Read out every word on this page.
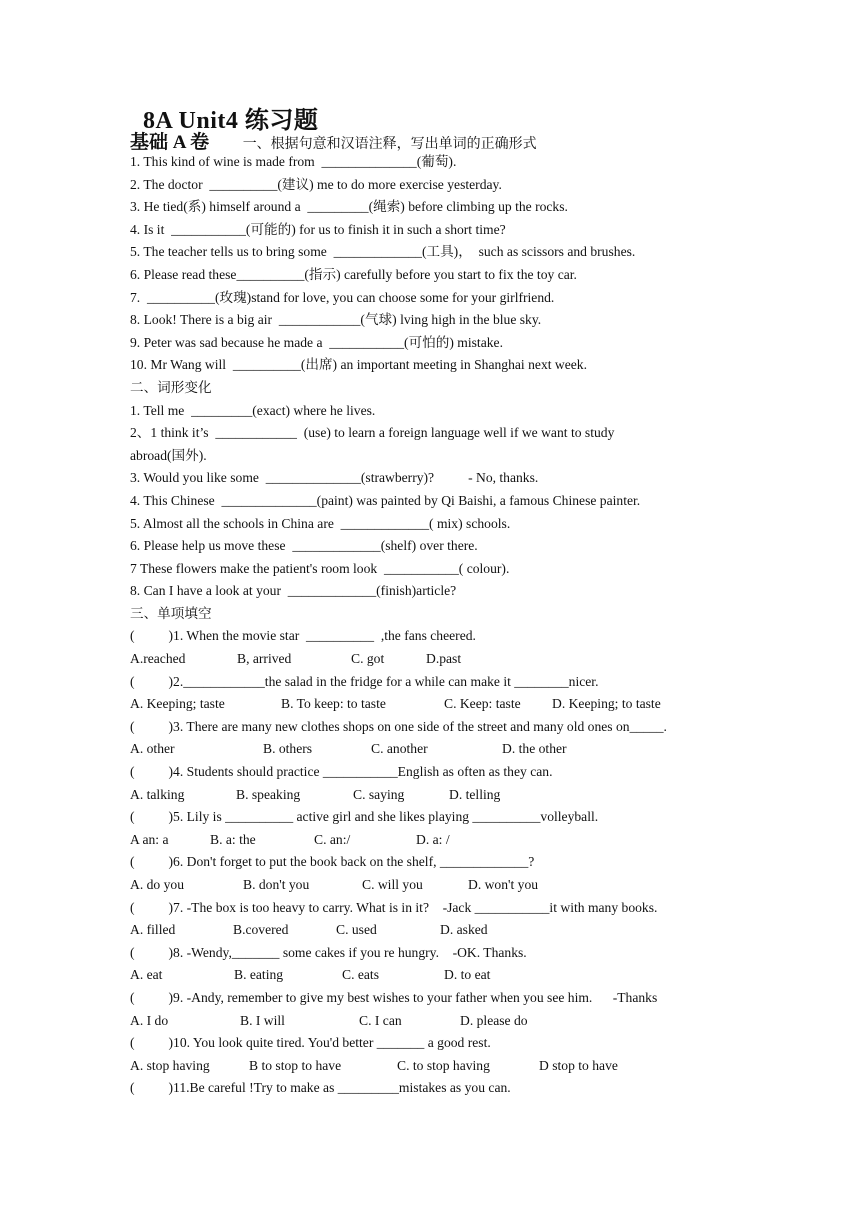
8A Unit4 练习题
基础 A 卷 一、根据句意和汉语注释，写出单词的正确形式
1. This kind of wine is made from  ______________(葡萄).
2. The doctor  __________(建议) me to do more exercise yesterday.
3. He tied(系) himself around a  _________(绳索) before climbing up the rocks.
4. Is it  ___________(可能的) for us to finish it in such a short time?
5. The teacher tells us to bring some  _____________(工具)，  such as scissors and brushes.
6. Please read these__________(指示) carefully before you start to fix the toy car.
7.  __________(玫瑰)stand for love, you can choose some for your girlfriend.
8. Look! There is a big air  ____________(气球) lving high in the blue sky.
9. Peter was sad because he made a  ___________(可怕的) mistake.
10. Mr Wang will  __________(出席) an important meeting in Shanghai next week.
二、词形变化
1. Tell me  _________(exact) where he lives.
2、1 think it’s  ____________  (use) to learn a foreign language well if we want to study
abroad(国外).
3. Would you like some  ______________(strawberry)?          - No, thanks.
4. This Chinese  ______________(paint) was painted by Qi Baishi, a famous Chinese painter.
5. Almost all the schools in China are  _____________( mix) schools.
6. Please help us move these  _____________(shelf) over there.
7 These flowers make the patient's room look  ___________( colour).
8. Can I have a look at your  _____________(finish)article?
三、单项填空
(          )1. When the movie star  __________  ,the fans cheered.
A.reached	B, arrived	C. got	D.past
(          )2.____________the salad in the fridge for a while can make it ________nicer.
A. Keeping; taste	B. To keep: to taste	C. Keep: taste	D. Keeping; to taste
(          )3. There are many new clothes shops on one side of the street and many old ones on_____.
A. other	B. others	C. another	D. the other
(          )4. Students should practice ___________English as often as they can.
A. talking	B. speaking	C. saying	D. telling
(          )5. Lily is __________ active girl and she likes playing __________volleyball.
A an: a	B. a: the	C. an:/	D. a: /
(          )6. Don't forget to put the book back on the shelf, _____________?
A. do you	B. don't you	C. will you	D. won't you
(          )7. -The box is too heavy to carry. What is in it?    -Jack ___________it with many books.
A. filled	B.covered	C. used	D. asked
(          )8. -Wendy,_______ some cakes if you re hungry.    -OK. Thanks.
A. eat	B. eating	C. eats	D. to eat
(          )9. -Andy, remember to give my best wishes to your father when you see him.      -Thanks
A. I do	B. I will	C. I can	D. please do
(          )10. You look quite tired. You'd better _______ a good rest.
A. stop having	B to stop to have	C. to stop having	D stop to have
(          )11.Be careful !Try to make as _________mistakes as you can.
